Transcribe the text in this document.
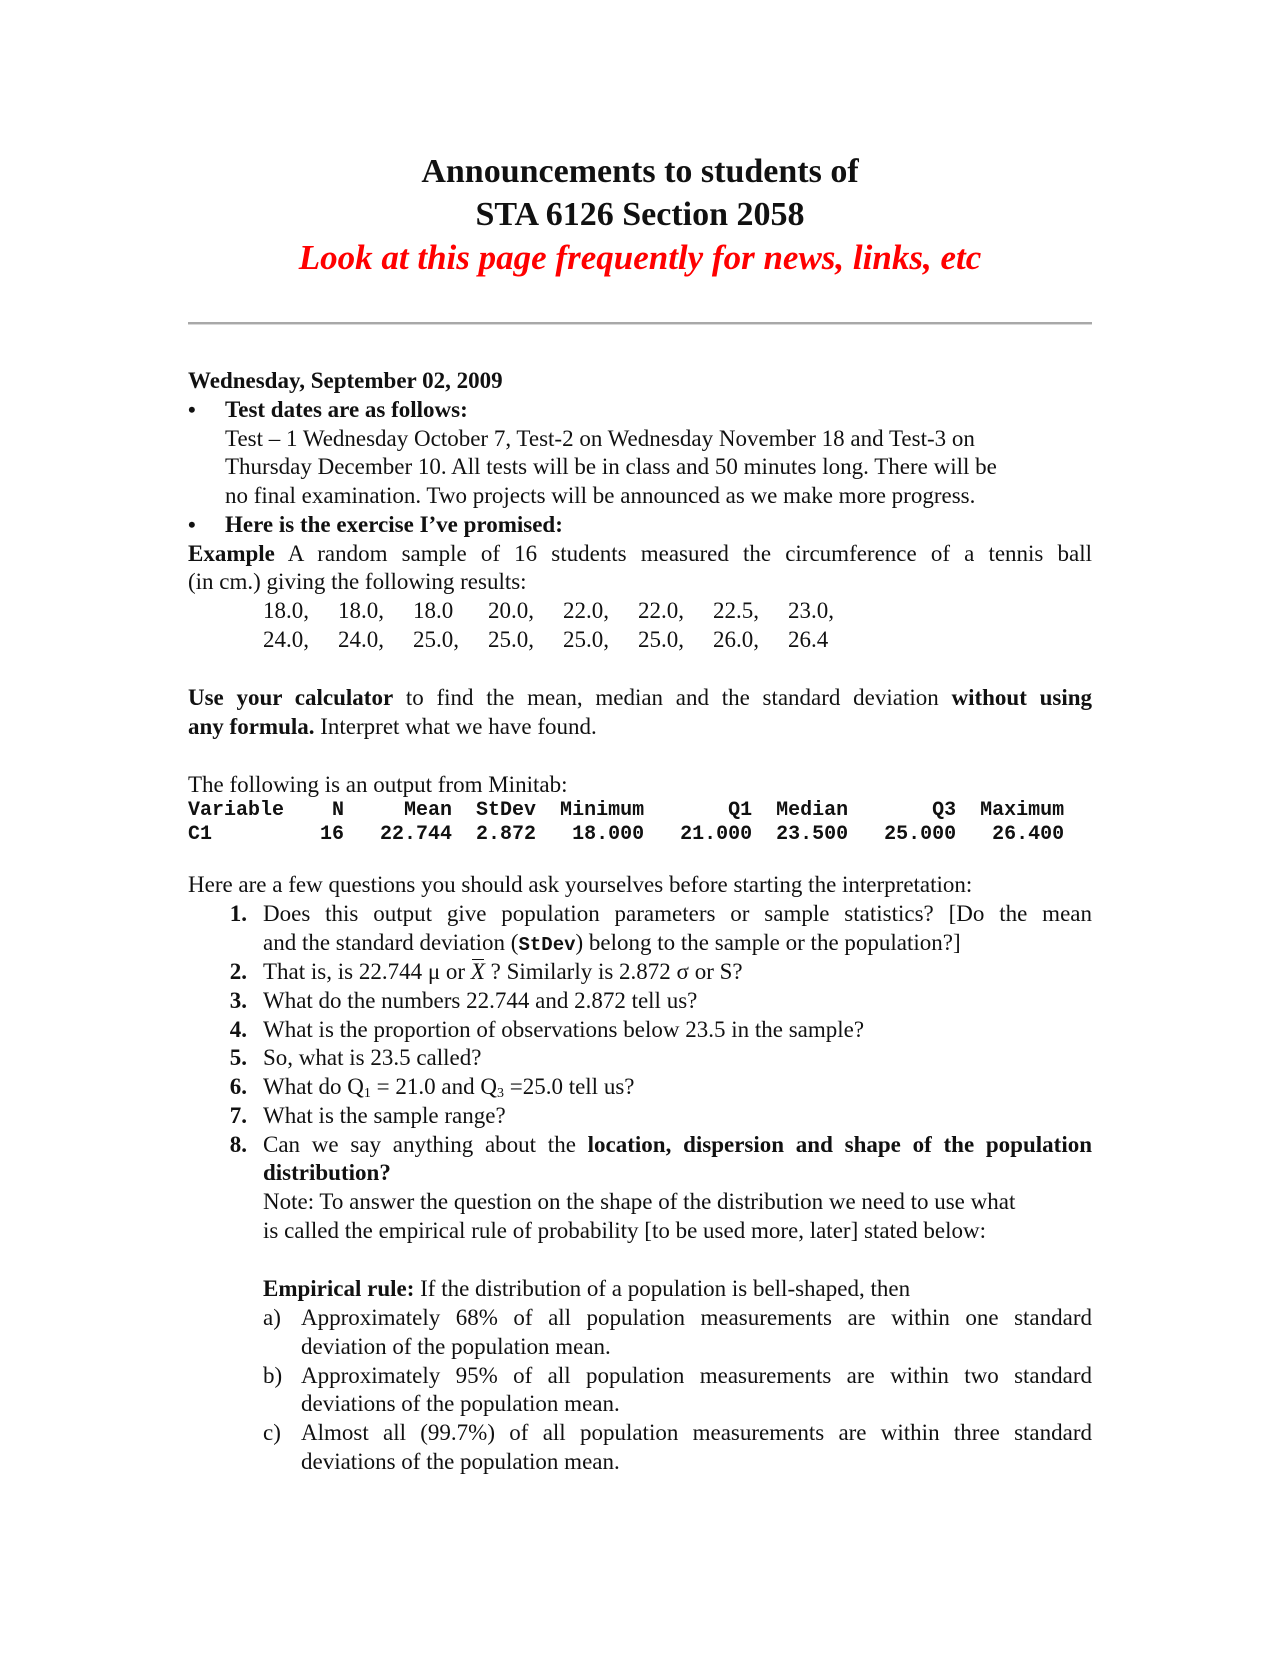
Announcements to students of
STA 6126 Section 2058
Look at this page frequently for news, links, etc
Wednesday, September 02, 2009
• Test dates are as follows:
Test – 1 Wednesday October 7, Test-2 on Wednesday November 18 and Test-3 on
Thursday December 10. All tests will be in class and 50 minutes long. There will be
no final examination. Two projects will be announced as we make more progress.
• Here is the exercise I’ve promised:
Example A random sample of 16 students measured the circumference of a tennis ball
(in cm.) giving the following results:
18.0, 18.0, 18.0 20.0, 22.0, 22.0, 22.5, 23.0,
24.0, 24.0, 25.0, 25.0, 25.0, 25.0, 26.0, 26.4
Use your calculator to find the mean, median and the standard deviation without using
any formula. Interpret what we have found.
The following is an output from Minitab:
Variable    N     Mean  StDev  Minimum       Q1  Median       Q3  Maximum
C1         16   22.744  2.872   18.000   21.000  23.500   25.000   26.400
Here are a few questions you should ask yourselves before starting the interpretation:
1. Does this output give population parameters or sample statistics? [Do the mean
and the standard deviation (StDev) belong to the sample or the population?]
2. That is, is 22.744 μ or X ? Similarly is 2.872 σ or S?
3. What do the numbers 22.744 and 2.872 tell us?
4. What is the proportion of observations below 23.5 in the sample?
5. So, what is 23.5 called?
6. What do $Q_1 = 21.0$ and $Q_3 =25.0$ tell us?
7. What is the sample range?
8. Can we say anything about the location, dispersion and shape of the population
distribution?
Note: To answer the question on the shape of the distribution we need to use what
is called the empirical rule of probability [to be used more, later] stated below:
Empirical rule: If the distribution of a population is bell-shaped, then
a) Approximately 68% of all population measurements are within one standard
deviation of the population mean.
b) Approximately 95% of all population measurements are within two standard
deviations of the population mean.
c) Almost all (99.7%) of all population measurements are within three standard
deviations of the population mean.
